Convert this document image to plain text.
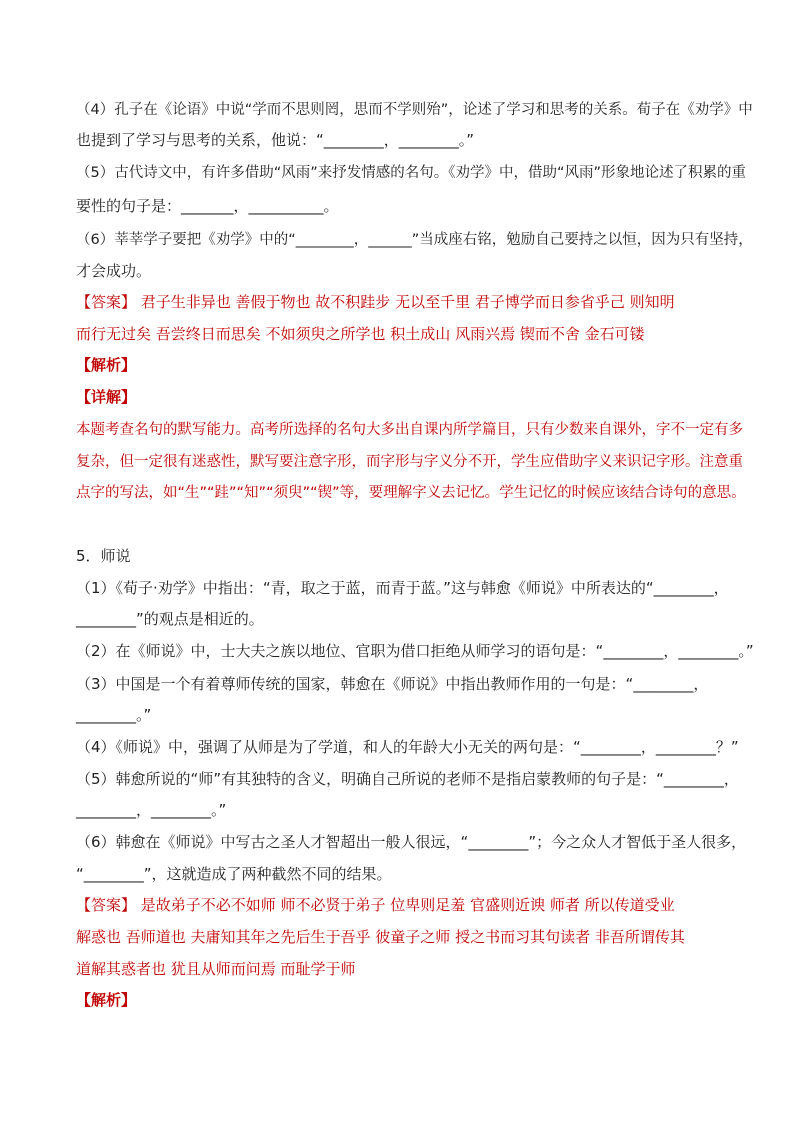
（4）孔子在《论语》中说“学而不思则罔，思而不学则殆”，论述了学习和思考的关系。荀子在《劝学》中
也提到了学习与思考的关系，他说：“________，________。”
（5）古代诗文中，有许多借助“风雨”来抒发情感的名句。《劝学》中，借助“风雨”形象地论述了积累的重
要性的句子是：_______，__________。
（6）莘莘学子要把《劝学》中的“________，______”当成座右铭，勉励自己要持之以恒，因为只有坚持，
才会成功。
【答案】 君子生非异也 善假于物也 故不积跬步 无以至千里 君子博学而日参省乎己 则知明
而行无过矣 吾尝终日而思矣 不如须臾之所学也 积土成山 风雨兴焉 锲而不舍 金石可镂
【解析】
【详解】
本题考查名句的默写能力。高考所选择的名句大多出自课内所学篇目，只有少数来自课外，字不一定有多
复杂，但一定很有迷惑性，默写要注意字形，而字形与字义分不开，学生应借助字义来识记字形。注意重
点字的写法，如“生”“跬”“知”“须臾”“锲”等，要理解字义去记忆。学生记忆的时候应该结合诗句的意思。
5．师说
（1）《荀子·劝学》中指出：“青，取之于蓝，而青于蓝。”这与韩愈《师说》中所表达的“________，
________”的观点是相近的。
（2）在《师说》中，士大夫之族以地位、官职为借口拒绝从师学习的语句是：“________，________。”
（3）中国是一个有着尊师传统的国家，韩愈在《师说》中指出教师作用的一句是：“________，
________。”
（4）《师说》中，强调了从师是为了学道，和人的年龄大小无关的两句是：“________，________？”
（5）韩愈所说的“师”有其独特的含义，明确自己所说的老师不是指启蒙教师的句子是：“________，
________，________。”
（6）韩愈在《师说》中写古之圣人才智超出一般人很远，“________”；今之众人才智低于圣人很多，
“________”，这就造成了两种截然不同的结果。
【答案】 是故弟子不必不如师 师不必贤于弟子 位卑则足羞 官盛则近谀 师者 所以传道受业
解惑也 吾师道也 夫庸知其年之先后生于吾乎 彼童子之师 授之书而习其句读者 非吾所谓传其
道解其惑者也 犹且从师而问焉 而耻学于师
【解析】
